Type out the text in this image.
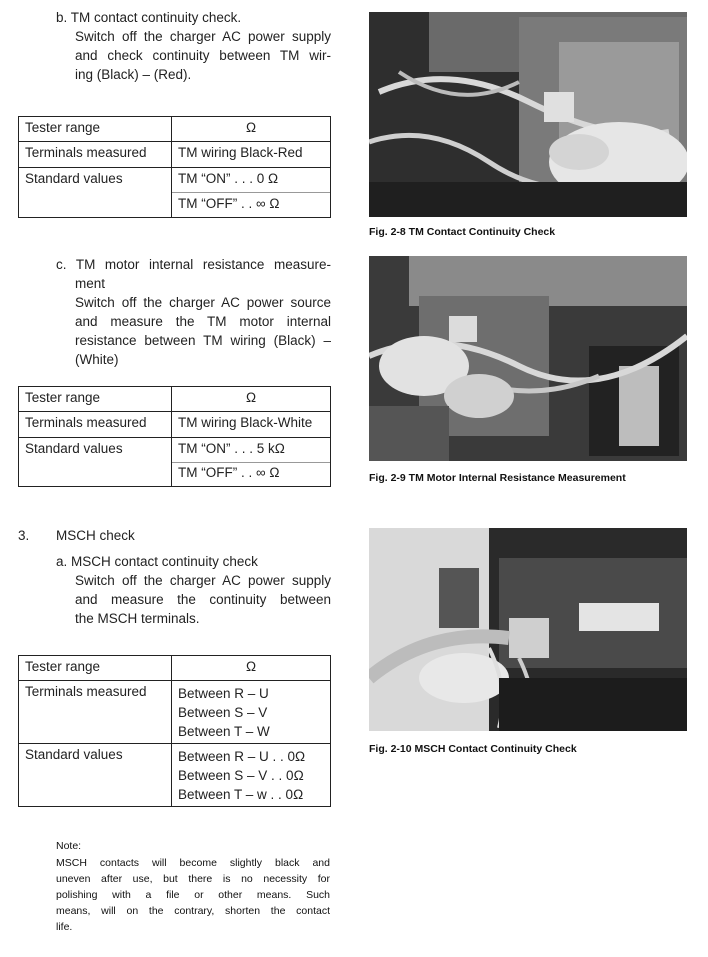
b. TM contact continuity check.
Switch off the charger AC power supply
and check continuity between TM wir-
ing (Black) – (Red).
Tester range	Ω
Terminals measured	TM wiring Black-Red
Standard values	TM “ON” . . . 0 Ω
TM “OFF” . . ∞ Ω
c. TM motor internal resistance measure-
ment
Switch off the charger AC power source
and measure the TM motor internal
resistance between TM wiring (Black) –
(White)
Tester range	Ω
Terminals measured	TM wiring Black-White
Standard values	TM “ON” . . . 5 kΩ
TM “OFF” . . ∞ Ω
3. MSCH check
a. MSCH contact continuity check
Switch off the charger AC power supply
and measure the continuity between
the MSCH terminals.
Tester range	Ω
Terminals measured	Between R – U
Between S – V
Between T – W

Standard values	Between R – U . . 0Ω
Between S – V . . 0Ω
Between T – w . . 0Ω
Note:
MSCH contacts will become slightly black and
uneven after use, but there is no necessity for
polishing with a file or other means. Such
means, will on the contrary, shorten the contact
life.
Fig. 2-8 TM Contact Continuity Check
Fig. 2-9 TM Motor Internal Resistance Measurement
Fig. 2-10 MSCH Contact Continuity Check
